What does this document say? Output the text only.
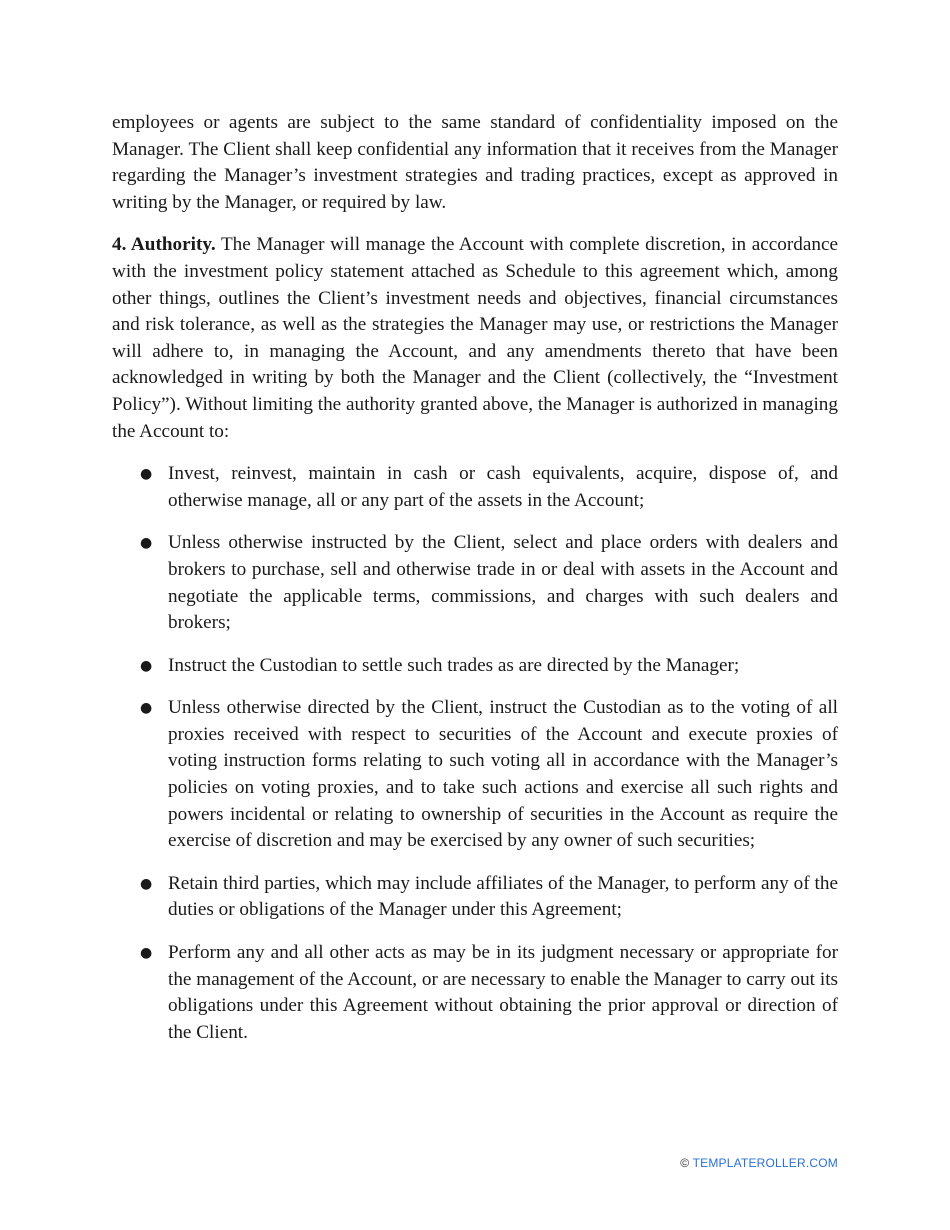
employees or agents are subject to the same standard of confidentiality imposed on the Manager. The Client shall keep confidential any information that it receives from the Manager regarding the Manager’s investment strategies and trading practices, except as approved in writing by the Manager, or required by law.

4. Authority. The Manager will manage the Account with complete discretion, in accordance with the investment policy statement attached as Schedule to this agreement which, among other things, outlines the Client’s investment needs and objectives, financial circumstances and risk tolerance, as well as the strategies the Manager may use, or restrictions the Manager will adhere to, in managing the Account, and any amendments thereto that have been acknowledged in writing by both the Manager and the Client (collectively, the “Investment Policy”). Without limiting the authority granted above, the Manager is authorized in managing the Account to:

● Invest, reinvest, maintain in cash or cash equivalents, acquire, dispose of, and otherwise manage, all or any part of the assets in the Account;
● Unless otherwise instructed by the Client, select and place orders with dealers and brokers to purchase, sell and otherwise trade in or deal with assets in the Account and negotiate the applicable terms, commissions, and charges with such dealers and brokers;
● Instruct the Custodian to settle such trades as are directed by the Manager;
● Unless otherwise directed by the Client, instruct the Custodian as to the voting of all proxies received with respect to securities of the Account and execute proxies of voting instruction forms relating to such voting all in accordance with the Manager’s policies on voting proxies, and to take such actions and exercise all such rights and powers incidental or relating to ownership of securities in the Account as require the exercise of discretion and may be exercised by any owner of such securities;
● Retain third parties, which may include affiliates of the Manager, to perform any of the duties or obligations of the Manager under this Agreement;
● Perform any and all other acts as may be in its judgment necessary or appropriate for the management of the Account, or are necessary to enable the Manager to carry out its obligations under this Agreement without obtaining the prior approval or direction of the Client.
© TEMPLATEROLLER.COM
